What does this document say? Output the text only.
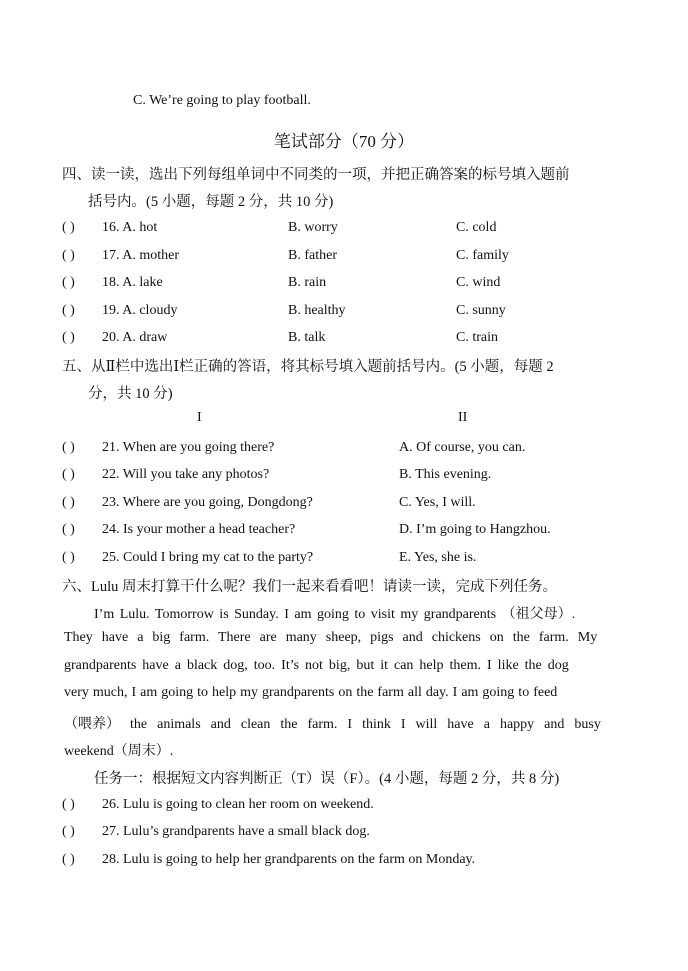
C. We’re going to play football.
笔试部分（70 分）
四、读一读，选出下列每组单词中不同类的一项，并把正确答案的标号填入题前
括号内。(5 小题，每题 2 分，共 10 分)
( ) 16. A. hot	B. worry	C. cold
( ) 17. A. mother	B. father	C. family
( ) 18. A. lake	B. rain	C. wind
( ) 19. A. cloudy	B. healthy	C. sunny
( ) 20. A. draw	B. talk	C. train
五、从Ⅱ栏中选出Ⅰ栏正确的答语，将其标号填入题前括号内。(5 小题，每题 2
分，共 10 分)
I	II
( ) 21. When are you going there?	A. Of course, you can.
( ) 22. Will you take any photos?	B. This evening.
( ) 23. Where are you going, Dongdong?	C. Yes, I will.
( ) 24. Is your mother a head teacher?	D. I’m going to Hangzhou.
( ) 25. Could I bring my cat to the party?	E. Yes, she is.
六、Lulu 周末打算干什么呢？我们一起来看看吧！请读一读，完成下列任务。
I’m Lulu. Tomorrow is Sunday. I am going to visit my grandparents （祖父母）.
They have a big farm. There are many sheep, pigs and chickens on the farm. My
grandparents have a black dog, too. It’s not big, but it can help them. I like the dog
very much, I am going to help my grandparents on the farm all day. I am going to feed
（喂养） the animals and clean the farm. I think I will have a happy and busy
weekend（周末）.
任务一：根据短文内容判断正（T）误（F）。(4 小题，每题 2 分，共 8 分)
( ) 26. Lulu is going to clean her room on weekend.
( ) 27. Lulu’s grandparents have a small black dog.
( ) 28. Lulu is going to help her grandparents on the farm on Monday.
